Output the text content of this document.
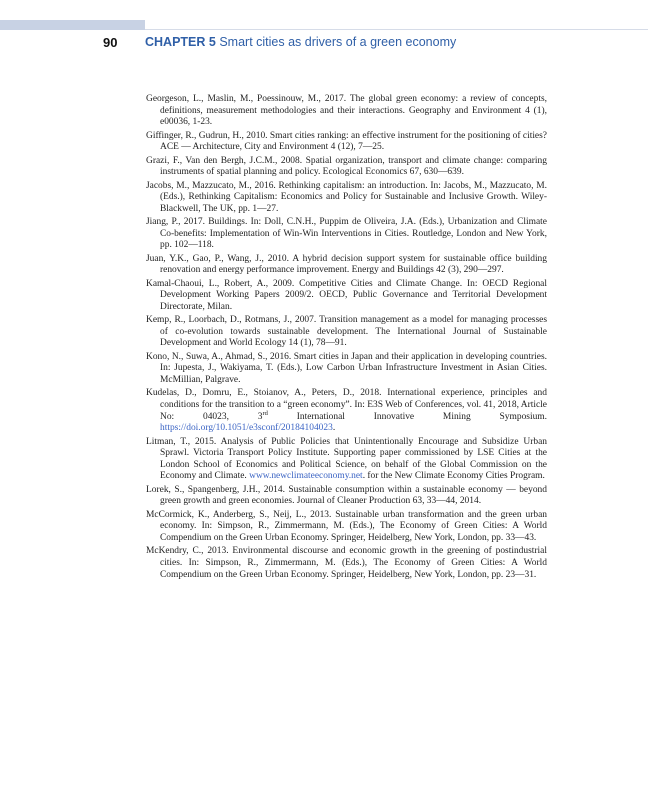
90 CHAPTER 5 Smart cities as drivers of a green economy

Georgeson, L., Maslin, M., Poessinouw, M., 2017. The global green economy: a review of concepts, definitions, measurement methodologies and their interactions. Geography and Environment 4 (1), e00036, 1-23.

Giffinger, R., Gudrun, H., 2010. Smart cities ranking: an effective instrument for the positioning of cities? ACE — Architecture, City and Environment 4 (12), 7—25.

Grazi, F., Van den Bergh, J.C.M., 2008. Spatial organization, transport and climate change: comparing instruments of spatial planning and policy. Ecological Economics 67, 630—639.

Jacobs, M., Mazzucato, M., 2016. Rethinking capitalism: an introduction. In: Jacobs, M., Mazzucato, M. (Eds.), Rethinking Capitalism: Economics and Policy for Sustainable and Inclusive Growth. Wiley-Blackwell, The UK, pp. 1—27.

Jiang, P., 2017. Buildings. In: Doll, C.N.H., Puppim de Oliveira, J.A. (Eds.), Urbanization and Climate Co-benefits: Implementation of Win-Win Interventions in Cities. Routledge, London and New York, pp. 102—118.

Juan, Y.K., Gao, P., Wang, J., 2010. A hybrid decision support system for sustainable office building renovation and energy performance improvement. Energy and Buildings 42 (3), 290—297.

Kamal-Chaoui, L., Robert, A., 2009. Competitive Cities and Climate Change. In: OECD Regional Development Working Papers 2009/2. OECD, Public Governance and Territorial Development Directorate, Milan.

Kemp, R., Loorbach, D., Rotmans, J., 2007. Transition management as a model for managing processes of co-evolution towards sustainable development. The International Journal of Sustainable Development and World Ecology 14 (1), 78—91.

Kono, N., Suwa, A., Ahmad, S., 2016. Smart cities in Japan and their application in developing countries. In: Jupesta, J., Wakiyama, T. (Eds.), Low Carbon Urban Infrastructure Investment in Asian Cities. McMillian, Palgrave.

Kudelas, D., Domru, E., Stoianov, A., Peters, D., 2018. International experience, principles and conditions for the transition to a “green economy”. In: E3S Web of Conferences, vol. 41, 2018, Article No: 04023, 3rd International Innovative Mining Symposium. https://doi.org/10.1051/e3sconf/20184104023.

Litman, T., 2015. Analysis of Public Policies that Unintentionally Encourage and Subsidize Urban Sprawl. Victoria Transport Policy Institute. Supporting paper commissioned by LSE Cities at the London School of Economics and Political Science, on behalf of the Global Commission on the Economy and Climate. www.newclimateeconomy.net. for the New Climate Economy Cities Program.

Lorek, S., Spangenberg, J.H., 2014. Sustainable consumption within a sustainable economy — beyond green growth and green economies. Journal of Cleaner Production 63, 33—44, 2014.

McCormick, K., Anderberg, S., Neij, L., 2013. Sustainable urban transformation and the green urban economy. In: Simpson, R., Zimmermann, M. (Eds.), The Economy of Green Cities: A World Compendium on the Green Urban Economy. Springer, Heidelberg, New York, London, pp. 33—43.

McKendry, C., 2013. Environmental discourse and economic growth in the greening of postindustrial cities. In: Simpson, R., Zimmermann, M. (Eds.), The Economy of Green Cities: A World Compendium on the Green Urban Economy. Springer, Heidelberg, New York, London, pp. 23—31.
